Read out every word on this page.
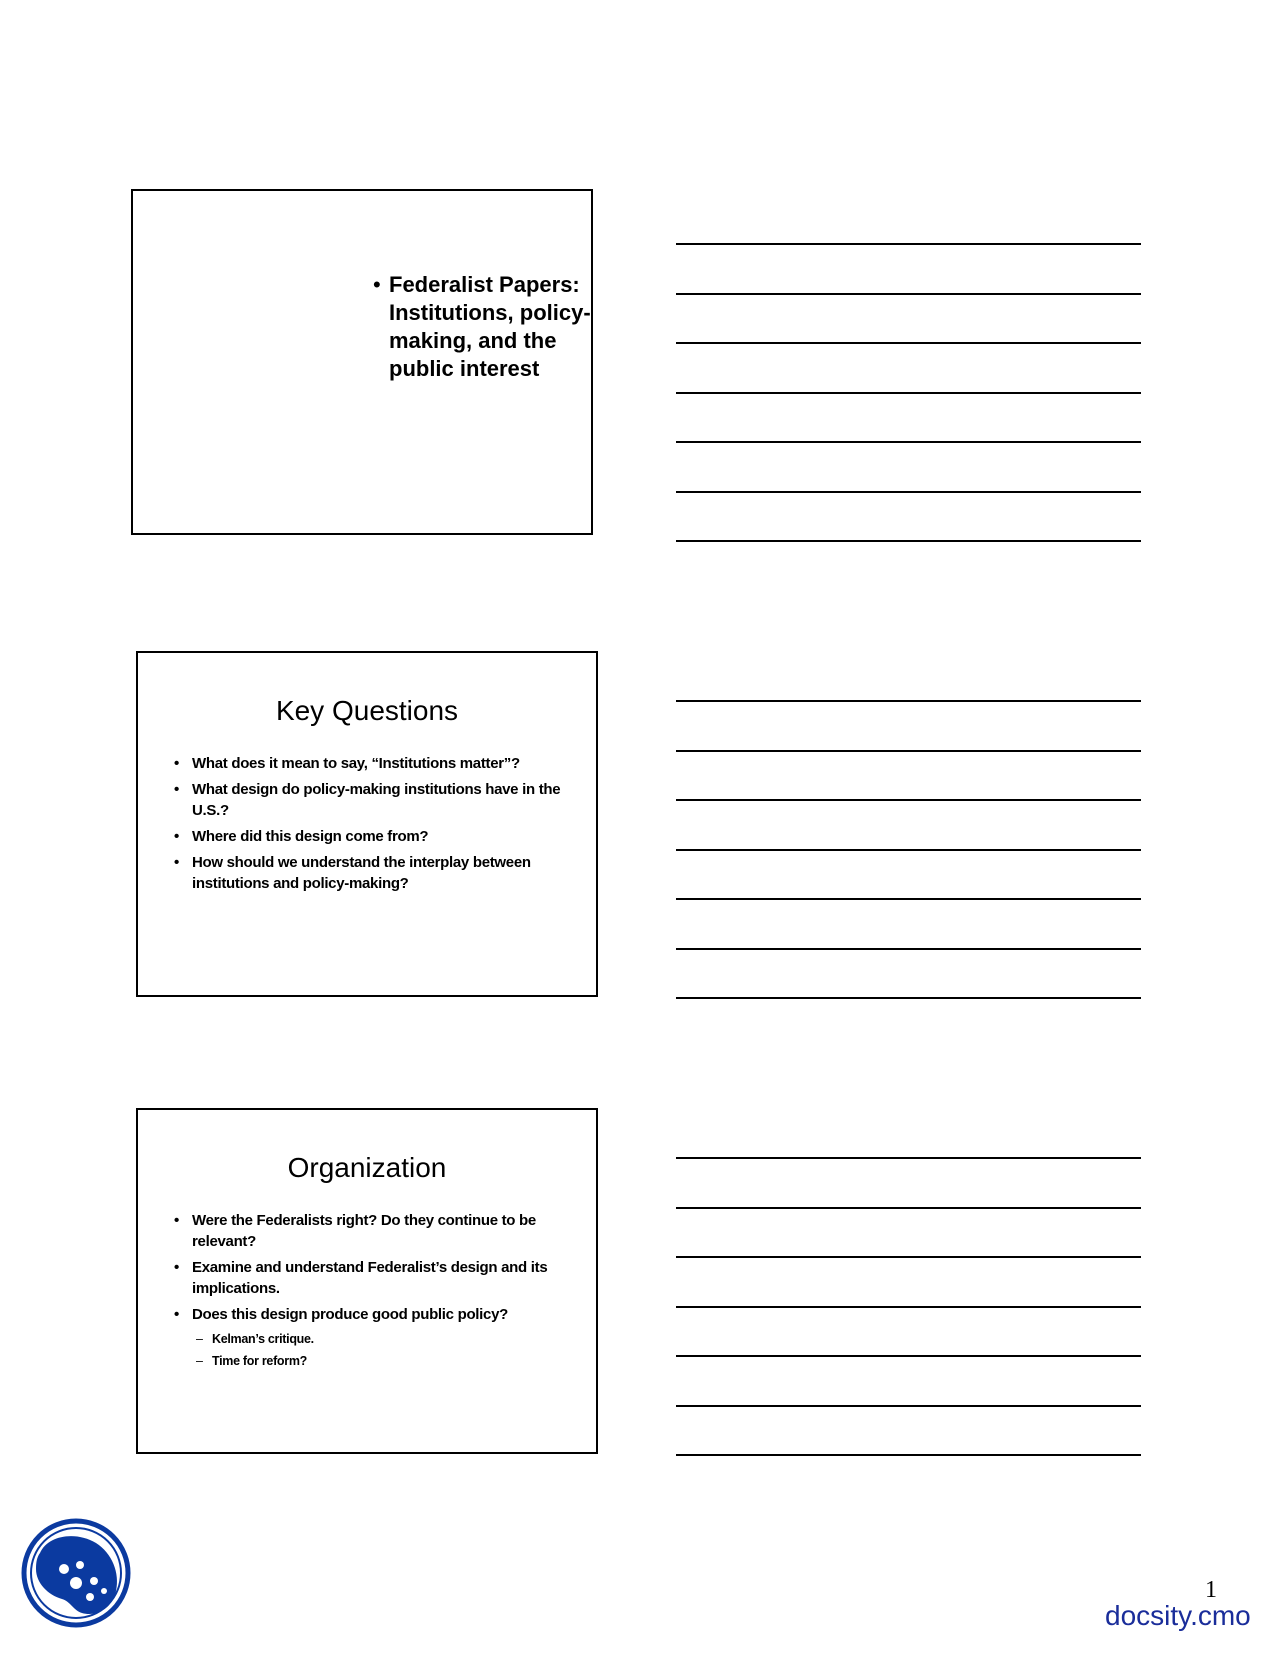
• Federalist Papers: Institutions, policy-making, and the public interest
Key Questions
• What does it mean to say, “Institutions matter”?
• What design do policy-making institutions have in the U.S.?
• Where did this design come from?
• How should we understand the interplay between institutions and policy-making?
Organization
• Were the Federalists right? Do they continue to be relevant?
• Examine and understand Federalist’s design and its implications.
• Does this design produce good public policy?
– Kelman’s critique.
– Time for reform?
1
docsity.cmo
